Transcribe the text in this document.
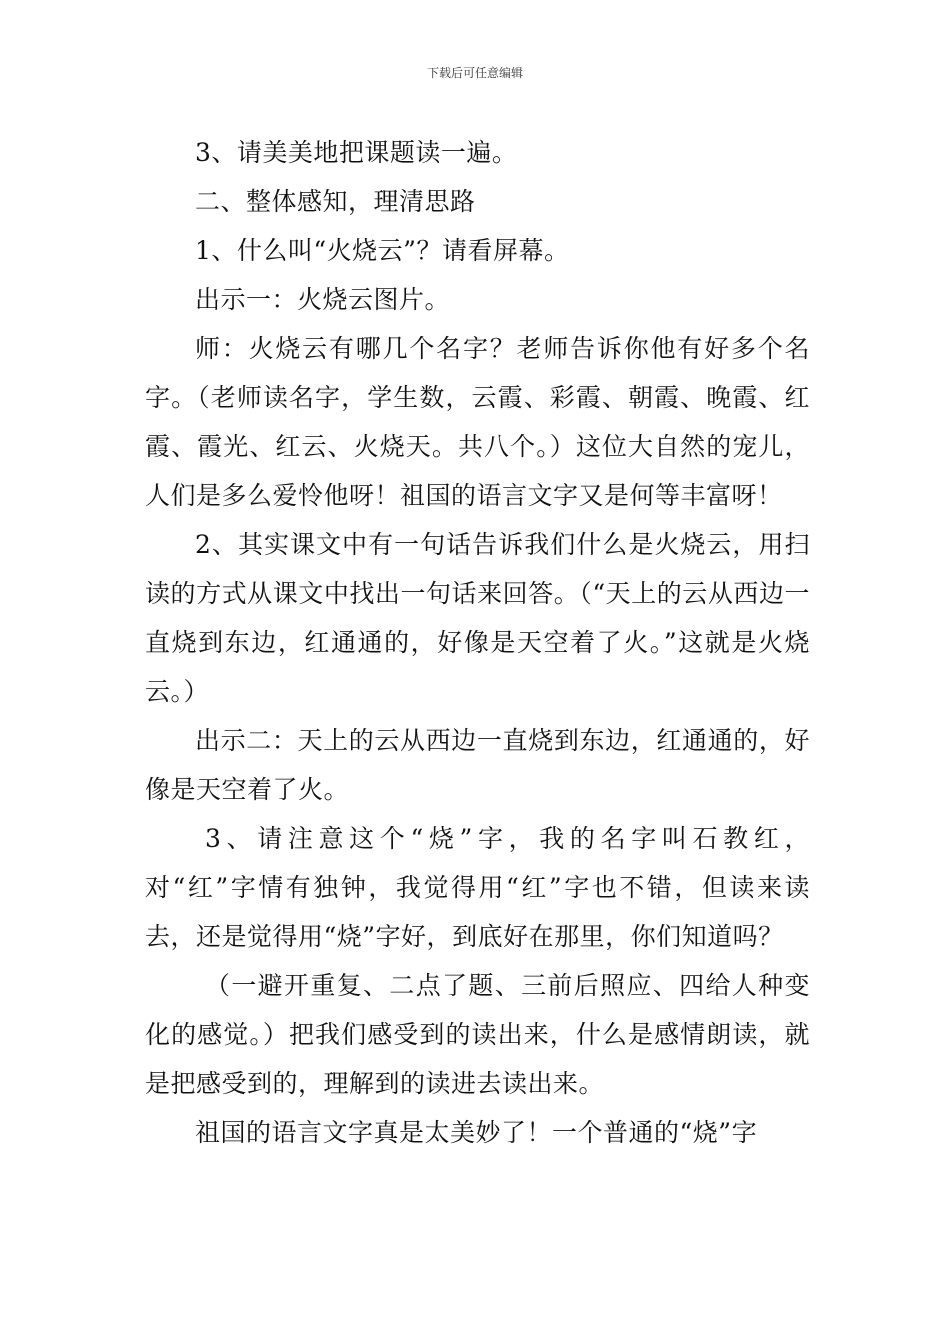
下载后可任意编辑

3、请美美地把课题读一遍。

二、整体感知，理清思路

1、什么叫“火烧云”？请看屏幕。

出示一：火烧云图片。

师：火烧云有哪几个名字？老师告诉你他有好多个名字。（老师读名字，学生数，云霞、彩霞、朝霞、晚霞、红霞、霞光、红云、火烧天。共八个。）这位大自然的宠儿，人们是多么爱怜他呀！祖国的语言文字又是何等丰富呀！

2、其实课文中有一句话告诉我们什么是火烧云，用扫读的方式从课文中找出一句话来回答。（“天上的云从西边一直烧到东边，红通通的，好像是天空着了火。”这就是火烧云。）

出示二：天上的云从西边一直烧到东边，红通通的，好像是天空着了火。

3、请注意这个“烧”字，我的名字叫石教红，对“红”字情有独钟，我觉得用“红”字也不错，但读来读去，还是觉得用“烧”字好，到底好在那里，你们知道吗？

（一避开重复、二点了题、三前后照应、四给人种变化的感觉。）把我们感受到的读出来，什么是感情朗读，就是把感受到的，理解到的读进去读出来。

祖国的语言文字真是太美妙了！一个普通的“烧”字
